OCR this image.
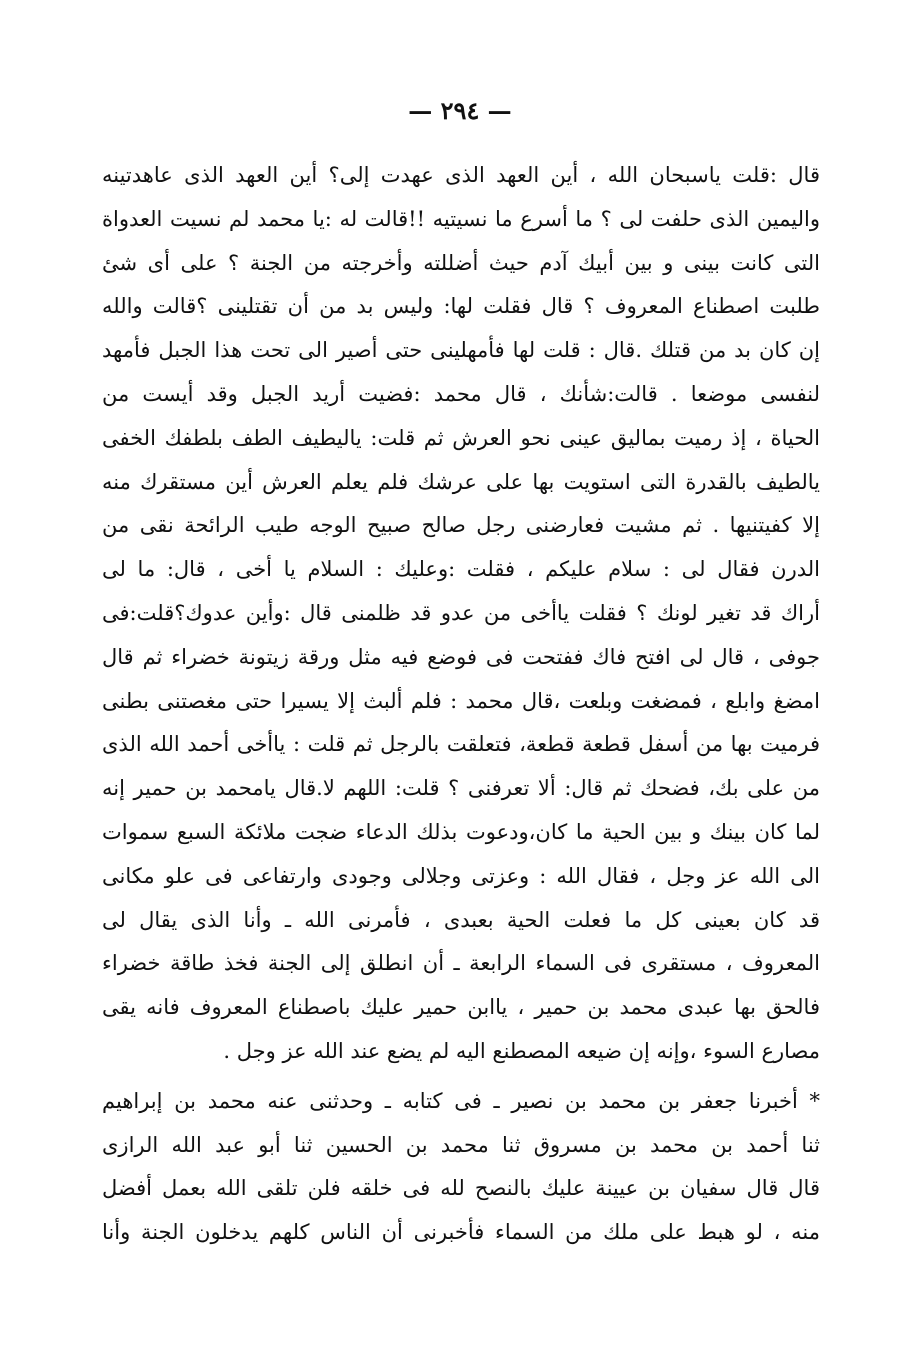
— ٢٩٤ —
قال :قلت ياسبحان الله ، أين العهد الذى عهدت إلى؟ أين العهد الذى عاهدتينه
واليمين الذى حلفت لى ؟ ما أسرع ما نسيتيه !!قالت له :يا محمد لم نسيت العدواة
التى كانت بينى و بين أبيك آدم حيث أضللته وأخرجته من الجنة ؟ على أى شئ
طلبت اصطناع المعروف ؟ قال فقلت لها: وليس بد من أن تقتلينى ؟قالت والله
إن كان بد من قتلك .قال : قلت لها فأمهلينى حتى أصير الى تحت هذا الجبل فأمهد
لنفسى موضعا . قالت:شأنك ، قال محمد :فضيت أريد الجبل وقد أيست من
الحياة ، إذ رميت بماليق عينى نحو العرش ثم قلت: ياليطيف الطف بلطفك الخفى
يالطيف بالقدرة التى استويت بها على عرشك فلم يعلم العرش أين مستقرك منه
إلا كفيتنيها . ثم مشيت فعارضنى رجل صالح صبيح الوجه طيب الرائحة نقى من
الدرن فقال لى : سلام عليكم ، فقلت :وعليك : السلام يا أخى ، قال: ما لى
أراك قد تغير لونك ؟ فقلت ياأخى من عدو قد ظلمنى قال :وأين عدوك؟قلت:فى
جوفى ، قال لى افتح فاك ففتحت فى فوضع فيه مثل ورقة زيتونة خضراء ثم قال
امضغ وابلع ، فمضغت وبلعت ،قال محمد : فلم ألبث إلا يسيرا حتى مغصتنى بطنى
فرميت بها من أسفل قطعة قطعة، فتعلقت بالرجل ثم قلت : ياأخى أحمد الله الذى
من على بك، فضحك ثم قال: ألا تعرفنى ؟ قلت: اللهم لا.قال يامحمد بن حمير إنه
لما كان بينك و بين الحية ما كان،ودعوت بذلك الدعاء ضجت ملائكة السبع سموات
الى الله عز وجل ، فقال الله : وعزتى وجلالى وجودى وارتفاعى فى علو مكانى
قد كان بعينى كل ما فعلت الحية بعبدى ، فأمرنى الله ـ وأنا الذى يقال لى
المعروف ، مستقرى فى السماء الرابعة ـ أن انطلق إلى الجنة فخذ طاقة خضراء
فالحق بها عبدى محمد بن حمير ، ياابن حمير عليك باصطناع المعروف فانه يقى
مصارع السوء ،وإنه إن ضيعه المصطنع اليه لم يضع عند الله عز وجل .
* أخبرنا جعفر بن محمد بن نصير ـ فى كتابه ـ وحدثنى عنه محمد بن إبراهيم
ثنا أحمد بن محمد بن مسروق ثنا محمد بن الحسين ثنا أبو عبد الله الرازى
قال قال سفيان بن عيينة عليك بالنصح لله فى خلقه فلن تلقى الله بعمل أفضل
منه ، لو هبط على ملك من السماء فأخبرنى أن الناس كلهم يدخلون الجنة وأنا
